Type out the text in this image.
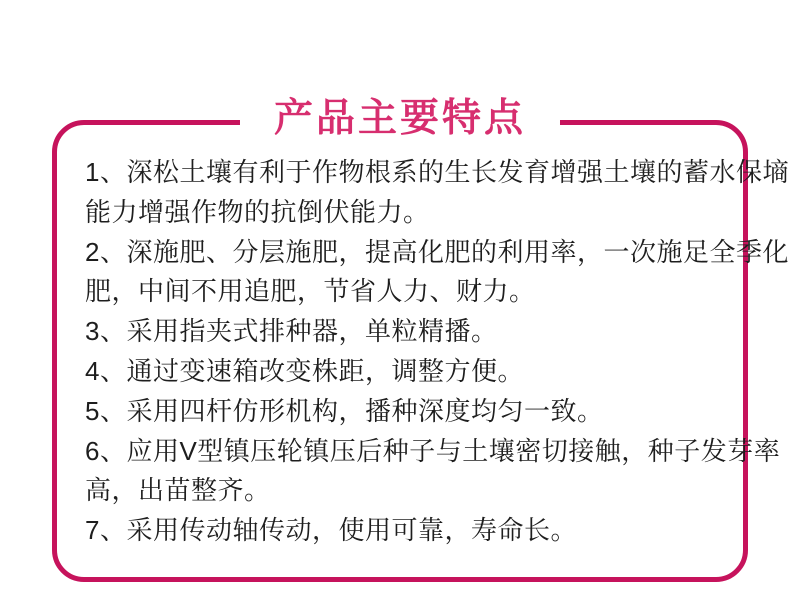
产品主要特点
1、深松土壤有利于作物根系的生长发育增强土壤的蓄水保墒
能力增强作物的抗倒伏能力。
2、深施肥、分层施肥，提高化肥的利用率，一次施足全季化
肥，中间不用追肥，节省人力、财力。
3、采用指夹式排种器，单粒精播。
4、通过变速箱改变株距，调整方便。
5、采用四杆仿形机构，播种深度均匀一致。
6、应用V型镇压轮镇压后种子与土壤密切接触，种子发芽率
高，出苗整齐。
7、采用传动轴传动，使用可靠，寿命长。
